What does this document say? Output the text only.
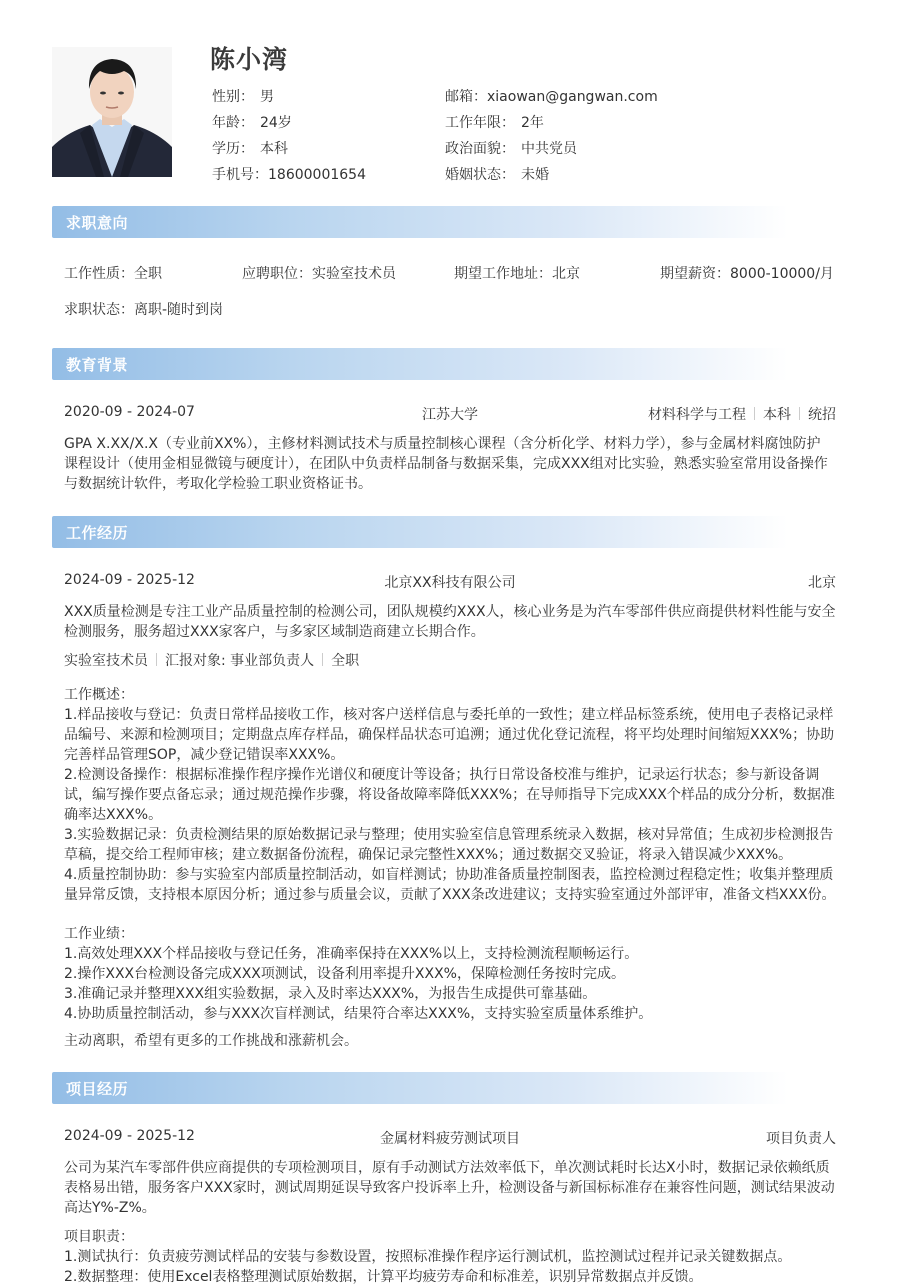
陈小湾
性别： 男
年龄： 24岁
学历： 本科
手机号：18600001654
邮箱：xiaowan@gangwan.com
工作年限： 2年
政治面貌： 中共党员
婚姻状态： 未婚
求职意向
工作性质：全职	应聘职位：实验室技术员	期望工作地址：北京	期望薪资：8000-10000/月
求职状态：离职-随时到岗
教育背景
2020-09 - 2024-07	江苏大学	材料科学与工程 本科 统招
GPA X.XX/X.X（专业前XX%），主修材料测试技术与质量控制核心课程（含分析化学、材料力学），参与金属材料腐蚀防护
课程设计（使用金相显微镜与硬度计），在团队中负责样品制备与数据采集，完成XXX组对比实验，熟悉实验室常用设备操作
与数据统计软件，考取化学检验工职业资格证书。
工作经历
2024-09 - 2025-12	北京XX科技有限公司	北京
XXX质量检测是专注工业产品质量控制的检测公司，团队规模约XXX人，核心业务是为汽车零部件供应商提供材料性能与安全
检测服务，服务超过XXX家客户，与多家区域制造商建立长期合作。
实验室技术员 汇报对象: 事业部负责人 全职
工作概述：
1.样品接收与登记：负责日常样品接收工作，核对客户送样信息与委托单的一致性；建立样品标签系统，使用电子表格记录样
品编号、来源和检测项目；定期盘点库存样品，确保样品状态可追溯；通过优化登记流程，将平均处理时间缩短XXX%；协助
完善样品管理SOP，减少登记错误率XXX%。
2.检测设备操作：根据标准操作程序操作光谱仪和硬度计等设备；执行日常设备校准与维护，记录运行状态；参与新设备调
试，编写操作要点备忘录；通过规范操作步骤，将设备故障率降低XXX%；在导师指导下完成XXX个样品的成分分析，数据准
确率达XXX%。
3.实验数据记录：负责检测结果的原始数据记录与整理；使用实验室信息管理系统录入数据，核对异常值；生成初步检测报告
草稿，提交给工程师审核；建立数据备份流程，确保记录完整性XXX%；通过数据交叉验证，将录入错误减少XXX%。
4.质量控制协助：参与实验室内部质量控制活动，如盲样测试；协助准备质量控制图表，监控检测过程稳定性；收集并整理质
量异常反馈，支持根本原因分析；通过参与质量会议，贡献了XXX条改进建议；支持实验室通过外部评审，准备文档XXX份。
工作业绩：
1.高效处理XXX个样品接收与登记任务，准确率保持在XXX%以上，支持检测流程顺畅运行。
2.操作XXX台检测设备完成XXX项测试，设备利用率提升XXX%，保障检测任务按时完成。
3.准确记录并整理XXX组实验数据，录入及时率达XXX%，为报告生成提供可靠基础。
4.协助质量控制活动，参与XXX次盲样测试，结果符合率达XXX%，支持实验室质量体系维护。
主动离职，希望有更多的工作挑战和涨薪机会。
项目经历
2024-09 - 2025-12	金属材料疲劳测试项目	项目负责人
公司为某汽车零部件供应商提供的专项检测项目，原有手动测试方法效率低下，单次测试耗时长达X小时，数据记录依赖纸质
表格易出错，服务客户XXX家时，测试周期延误导致客户投诉率上升，检测设备与新国标标准存在兼容性问题，测试结果波动
高达Y%-Z%。
项目职责：
1.测试执行：负责疲劳测试样品的安装与参数设置，按照标准操作程序运行测试机，监控测试过程并记录关键数据点。
2.数据整理：使用Excel表格整理测试原始数据，计算平均疲劳寿命和标准差，识别异常数据点并反馈。
